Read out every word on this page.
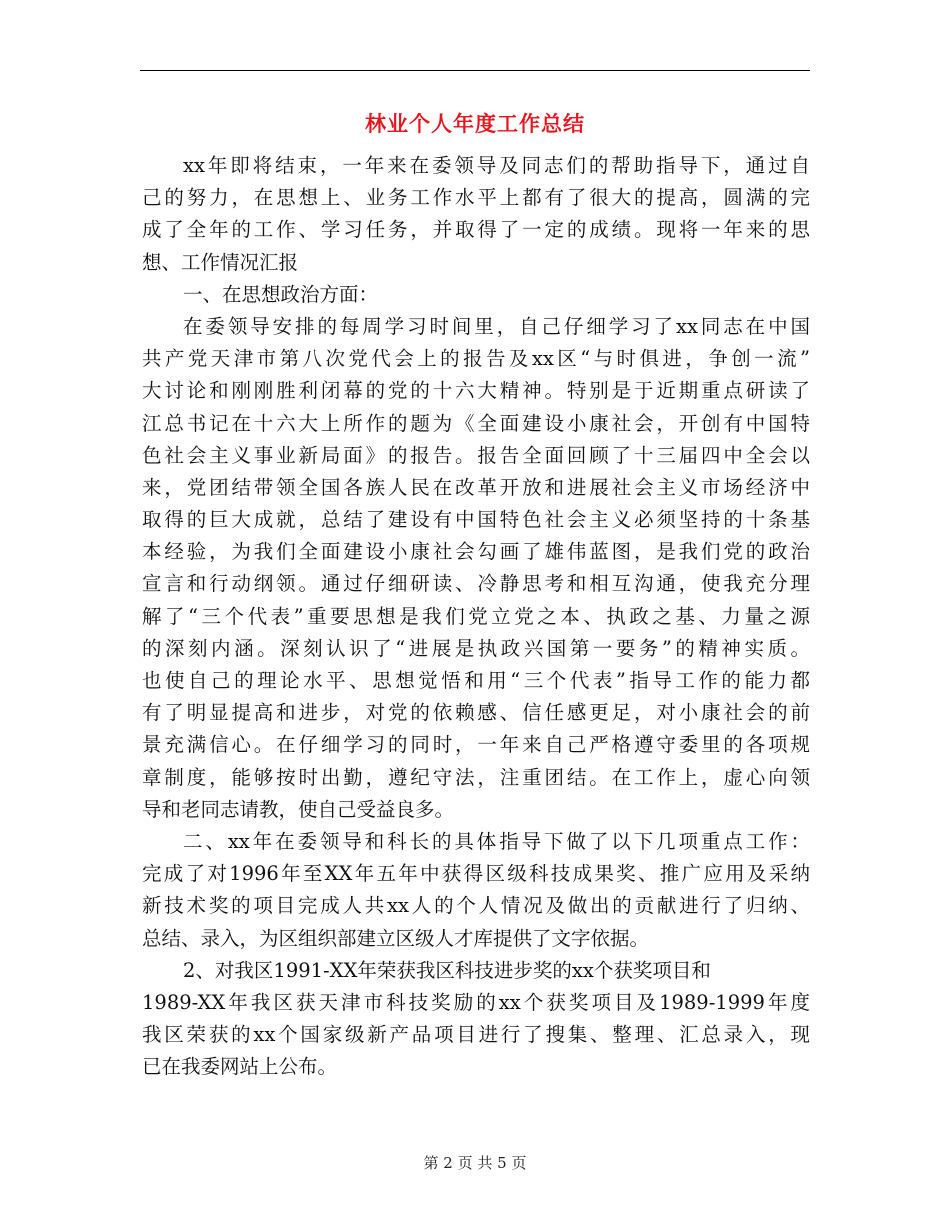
林业个人年度工作总结
xx年即将结束，一年来在委领导及同志们的帮助指导下，通过自
己的努力，在思想上、业务工作水平上都有了很大的提高，圆满的完
成了全年的工作、学习任务，并取得了一定的成绩。现将一年来的思
想、工作情况汇报
一、在思想政治方面：
在委领导安排的每周学习时间里，自己仔细学习了xx同志在中国
共产党天津市第八次党代会上的报告及xx区“与时俱进，争创一流”
大讨论和刚刚胜利闭幕的党的十六大精神。特别是于近期重点研读了
江总书记在十六大上所作的题为《全面建设小康社会，开创有中国特
色社会主义事业新局面》的报告。报告全面回顾了十三届四中全会以
来，党团结带领全国各族人民在改革开放和进展社会主义市场经济中
取得的巨大成就，总结了建设有中国特色社会主义必须坚持的十条基
本经验，为我们全面建设小康社会勾画了雄伟蓝图，是我们党的政治
宣言和行动纲领。通过仔细研读、冷静思考和相互沟通，使我充分理
解了“三个代表”重要思想是我们党立党之本、执政之基、力量之源
的深刻内涵。深刻认识了“进展是执政兴国第一要务”的精神实质。
也使自己的理论水平、思想觉悟和用“三个代表”指导工作的能力都
有了明显提高和进步，对党的依赖感、信任感更足，对小康社会的前
景充满信心。在仔细学习的同时，一年来自己严格遵守委里的各项规
章制度，能够按时出勤，遵纪守法，注重团结。在工作上，虚心向领
导和老同志请教，使自己受益良多。
二、xx年在委领导和科长的具体指导下做了以下几项重点工作：
完成了对1996年至XX年五年中获得区级科技成果奖、推广应用及采纳
新技术奖的项目完成人共xx人的个人情况及做出的贡献进行了归纳、
总结、录入，为区组织部建立区级人才库提供了文字依据。
2、对我区1991-XX年荣获我区科技进步奖的xx个获奖项目和
1989-XX年我区获天津市科技奖励的xx个获奖项目及1989-1999年度
我区荣获的xx个国家级新产品项目进行了搜集、整理、汇总录入，现
已在我委网站上公布。
第 2 页 共 5 页
